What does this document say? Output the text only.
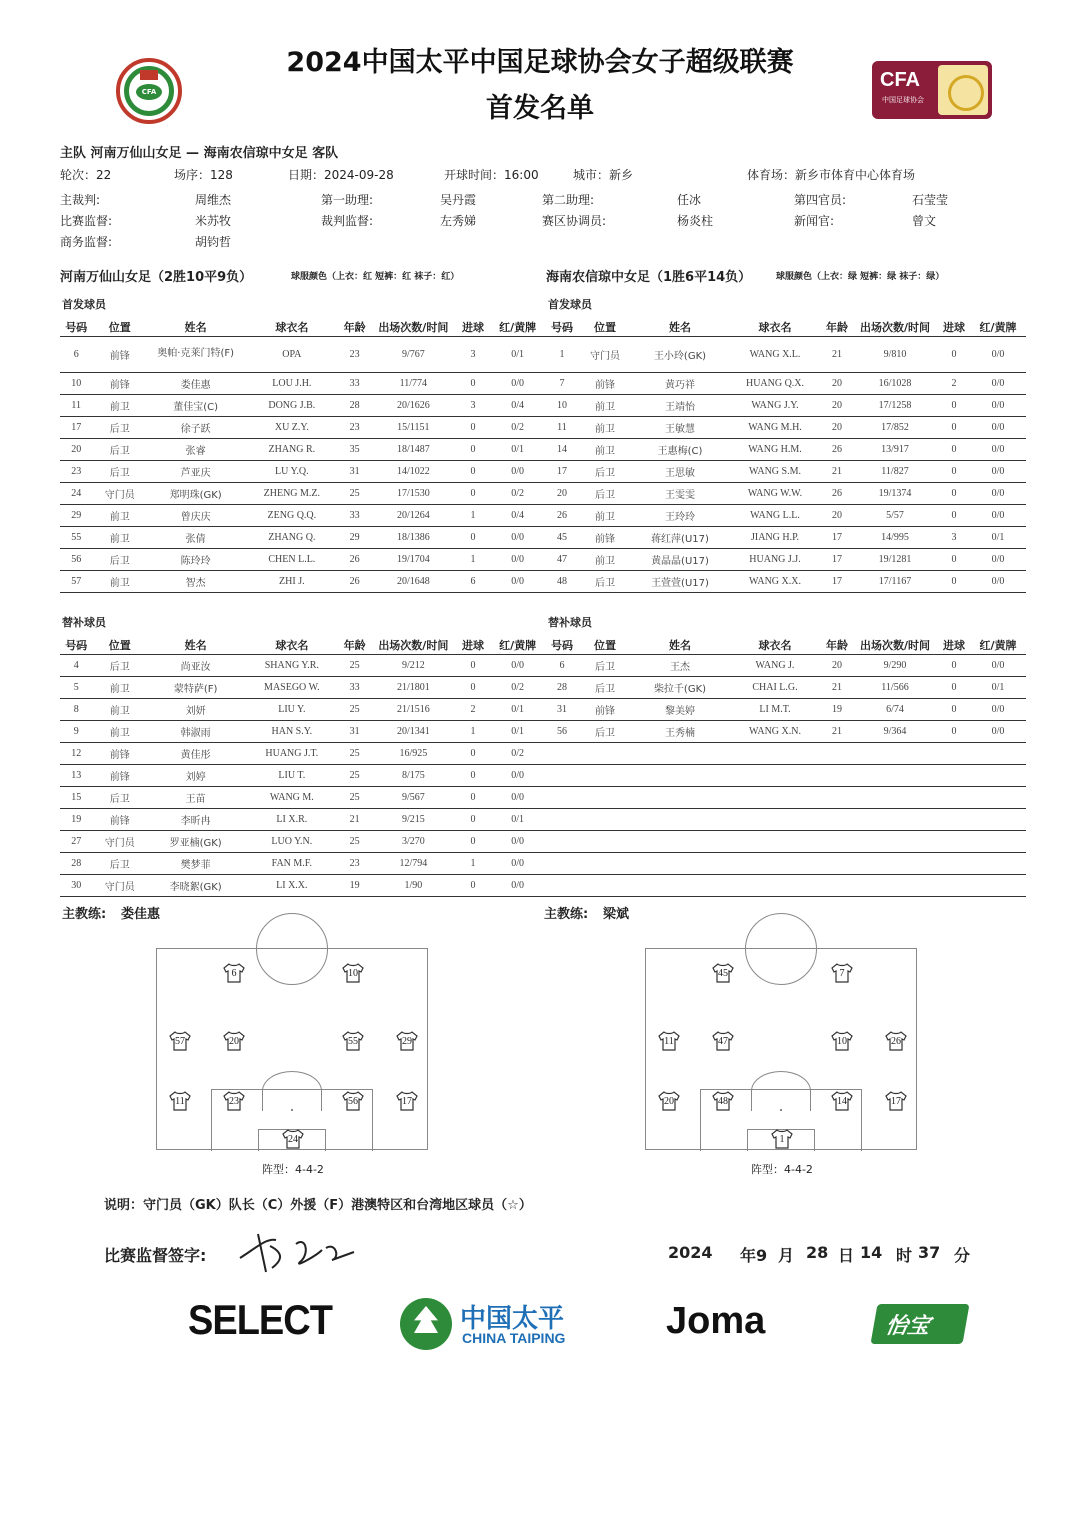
CFA
2024中国太平中国足球协会女子超级联赛
首发名单
CFA
中国足球协会
主队 河南万仙山女足 — 海南农信琼中女足 客队
轮次：22	场序：128	日期：2024-09-28	开球时间：16:00	城市：新乡	体育场：新乡市体育中心体育场
主裁判:	周维杰	第一助理:	吴丹霞	第二助理:	任冰	第四官员:	石莹莹
比赛监督:	米苏牧	裁判监督:	左秀娣	赛区协调员:	杨炎柱	新闻官:	曾文
商务监督:	胡钧哲
河南万仙山女足（2胜10平9负）	球服颜色（上衣：红 短裤：红 袜子：红）	海南农信琼中女足（1胜6平14负）	球服颜色（上衣：绿 短裤：绿 袜子：绿）
首发球员	首发球员
号码	位置	姓名	球衣名	年龄	出场次数/时间	进球	红/黄牌
6	前锋	奥帕·克莱门特(F)	OPA	23	9/767	3	0/1
10	前锋	娄佳惠	LOU J.H.	33	11/774	0	0/0
11	前卫	董佳宝(C)	DONG J.B.	28	20/1626	3	0/4
17	后卫	徐子跃	XU Z.Y.	23	15/1151	0	0/2
20	后卫	张睿	ZHANG R.	35	18/1487	0	0/1
23	后卫	芦亚庆	LU Y.Q.	31	14/1022	0	0/0
24	守门员	郑明珠(GK)	ZHENG M.Z.	25	17/1530	0	0/2
29	前卫	曾庆庆	ZENG Q.Q.	33	20/1264	1	0/4
55	前卫	张倩	ZHANG Q.	29	18/1386	0	0/0
56	后卫	陈玲玲	CHEN L.L.	26	19/1704	1	0/0
57	前卫	智杰	ZHI J.	26	20/1648	6	0/0
号码	位置	姓名	球衣名	年龄	出场次数/时间	进球	红/黄牌
1	守门员	王小玲(GK)	WANG X.L.	21	9/810	0	0/0
7	前锋	黄巧祥	HUANG Q.X.	20	16/1028	2	0/0
10	前卫	王靖怡	WANG J.Y.	20	17/1258	0	0/0
11	前卫	王敏慧	WANG M.H.	20	17/852	0	0/0
14	前卫	王惠梅(C)	WANG H.M.	26	13/917	0	0/0
17	后卫	王思敏	WANG S.M.	21	11/827	0	0/0
20	后卫	王雯雯	WANG W.W.	26	19/1374	0	0/0
26	前卫	王玲玲	WANG L.L.	20	5/57	0	0/0
45	前锋	蒋红萍(U17)	JIANG H.P.	17	14/995	3	0/1
47	前卫	黄晶晶(U17)	HUANG J.J.	17	19/1281	0	0/0
48	后卫	王萱萱(U17)	WANG X.X.	17	17/1167	0	0/0
替补球员	替补球员
号码	位置	姓名	球衣名	年龄	出场次数/时间	进球	红/黄牌
4	后卫	尚亚汝	SHANG Y.R.	25	9/212	0	0/0
5	前卫	蒙特萨(F)	MASEGO W.	33	21/1801	0	0/2
8	前卫	刘妍	LIU Y.	25	21/1516	2	0/1
9	前卫	韩淑雨	HAN S.Y.	31	20/1341	1	0/1
12	前锋	黄佳彤	HUANG J.T.	25	16/925	0	0/2
13	前锋	刘婷	LIU T.	25	8/175	0	0/0
15	后卫	王苗	WANG M.	25	9/567	0	0/0
19	前锋	李昕冉	LI X.R.	21	9/215	0	0/1
27	守门员	罗亚楠(GK)	LUO Y.N.	25	3/270	0	0/0
28	后卫	樊梦菲	FAN M.F.	23	12/794	1	0/0
30	守门员	李晓絮(GK)	LI X.X.	19	1/90	0	0/0
号码	位置	姓名	球衣名	年龄	出场次数/时间	进球	红/黄牌
6	后卫	王杰	WANG J.	20	9/290	0	0/0
28	后卫	柴拉千(GK)	CHAI L.G.	21	11/566	0	0/1
31	前锋	黎美婷	LI M.T.	19	6/74	0	0/0
56	后卫	王秀楠	WANG X.N.	21	9/364	0	0/0

主教练: 娄佳惠	主教练: 梁斌
6	10
57	20	55	29
11	23	56	17
24
阵型：4-4-2
45	7
11	47	10	26
20	48	14	17
1
阵型：4-4-2
说明：守门员（GK）队长（C）外援（F）港澳特区和台湾地区球员（☆）
比赛监督签字:	2024 年9 月 28 日 14 时 37 分
SELECT	中国太平
CHINA TAIPING	Joma	怡宝
